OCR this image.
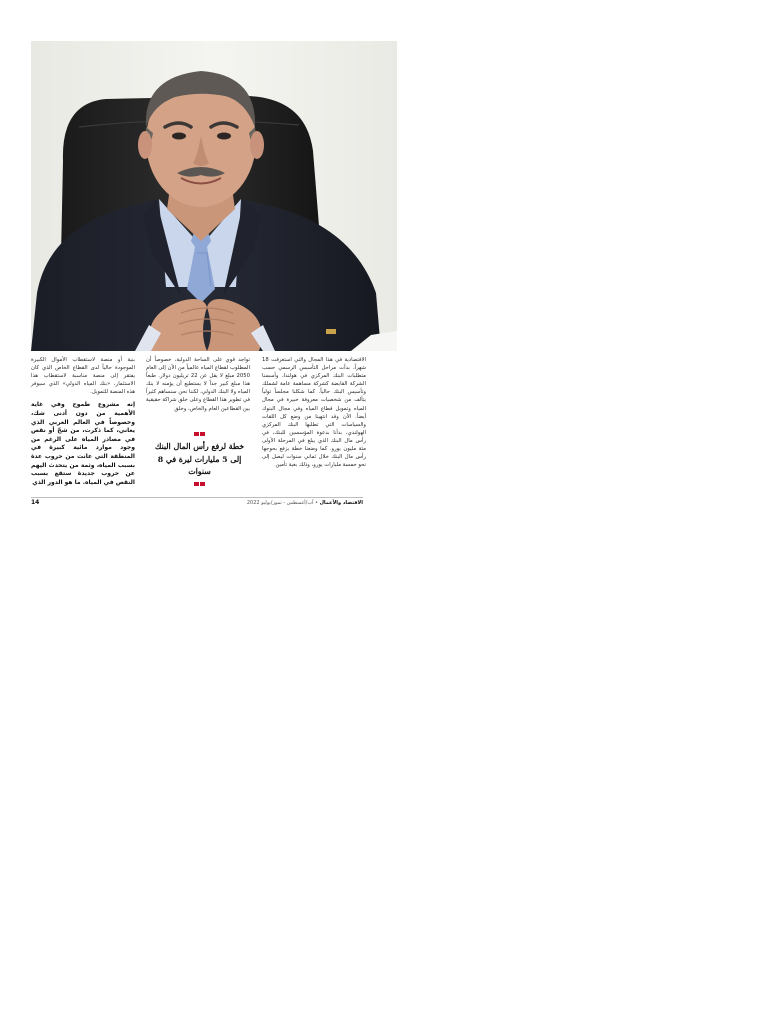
الاقتصادية في هذا المجال والتي استغرقت 18 شهراً، بدأت مراحل التأسيس الرسمي حسب متطلبات البنك المركزي في هولندا، وأسسنا الشركة القابضة كشركة مساهمة عامة لشملك وتأسيس البنك حالياً. كما شكلنا مجلساً تولياً يتألف من شخصيات معروفة خبيرة في مجال المياه وتمويل قطاع المياه وفي مجال البنوك أيضاً. الآن وقد انتهينا من وضع كل اللقات والسياسات التي تطلبها البنك المركزي الهولندي، بدأنا بدعوة المؤسسين للبنك، في رأس مال البنك الذي يبلغ في المرحلة الأولى مئة مليون يورو. كما وضعنا خطة بزفع بحوجها رأس مال البنك خلال ثماني سنوات ليصل إلى نحو خمسة مليارات يورو، وذلك بغية تأمين

تواجد قوي على الساحة الدولية، خصوصاً أن المطلوب لقطاع المياه عالمياً من الآن إلى العام 2050 مبلغ لا يقل عن 22 تريليون دولار. طبعاً هذا مبلغ كبير جداً لا يستطيع أن يؤمنه لا بنك المياه ولا البنك الدولي، لكننا نحن سنساهم كثيراً في تطوير هذا القطاع وعلى خلق شراكة حقيقية بين القطاعين العام والخاص، وخلق

بنية أو منصة لاستقطاب الأموال الكبيرة الموجودة حالياً لدى القطاع الخاص الذي كان يفتقر إلى منصة مناسبة لاستقطاب هذا الاستثمار، «بنك المياه الدولي» الذي سيوفر هذه المنصة للتمويل.

إنه مشروع طموح وفي غاية الأهمية من دون أدنى شك، وخصوصاً في العالم العربي الذي يعاني، كما ذكرت، من شحّ أو نقص في مصادر المياه على الرغم من وجود موارد مائية كبيرة في المنطقة التي عانت من حروب عدة بسبب المياه، وثمة من يتحدث اليهم عن حروب جديدة ستقع بسبب النقص في المياه. ما هو الدور الذي

خطة لرفع رأس المال البنك
إلى 5 مليارات ليرة في 8 سنوات
الاقتصاد والأعمال • آب/أغسطس - تموز/يوليو 2022
14
